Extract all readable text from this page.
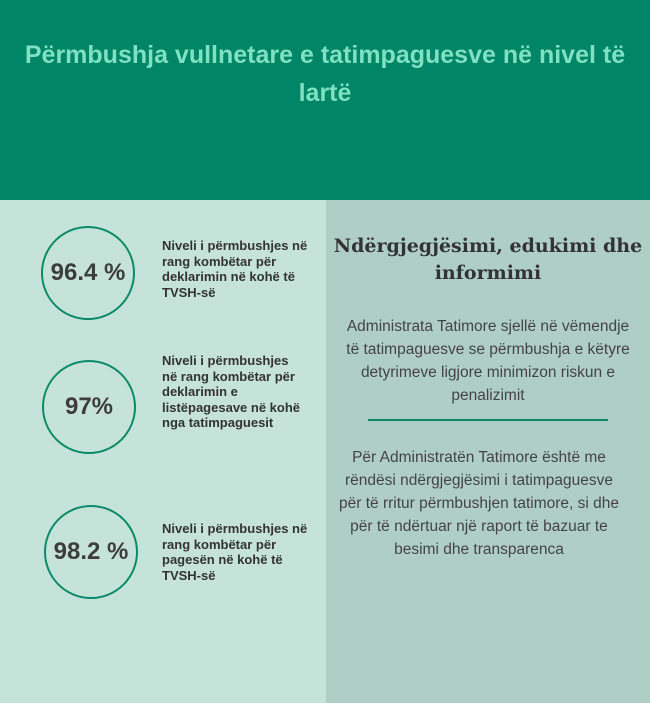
Përmbushja vullnetare e tatimpaguesve në nivel të lartë
96.4 %
Niveli i përmbushjes në rang kombëtar për deklarimin në kohë të TVSH-së
97%
Niveli i përmbushjes në rang kombëtar për deklarimin e listëpagesave në kohë nga tatimpaguesit
98.2 %
Niveli i përmbushjes në rang kombëtar për pagesën në kohë të TVSH-së
Ndërgjegjësimi, edukimi dhe informimi
Administrata Tatimore sjellë në vëmendje të tatimpaguesve se përmbushja e këtyre detyrimeve ligjore minimizon riskun e penalizimit
Për Administratën Tatimore është me rëndësi ndërgjegjësimi i tatimpaguesve për të rritur përmbushjen tatimore, si dhe për të ndërtuar një raport të bazuar te besimi dhe transparenca
